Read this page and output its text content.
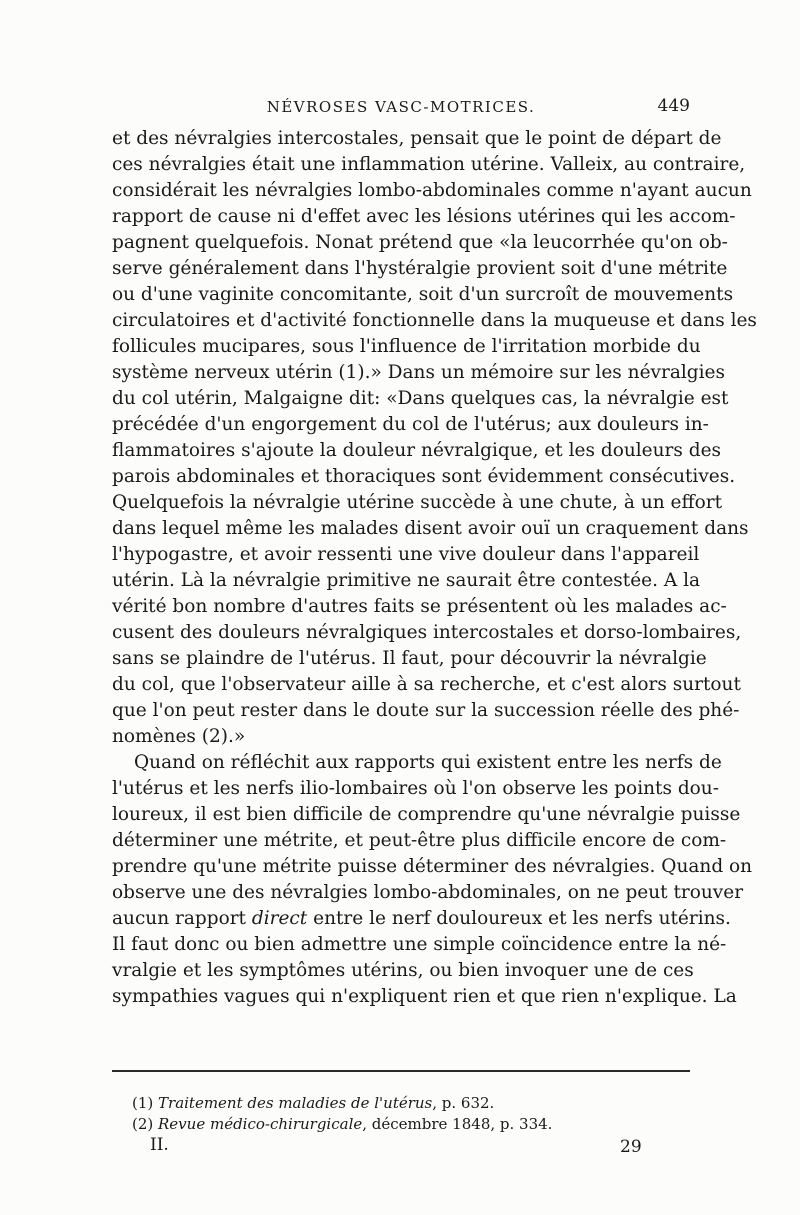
NÉVROSES VASC-MOTRICES.	449
et des névralgies intercostales, pensait que le point de départ de
ces névralgies était une inflammation utérine. Valleix, au contraire,
considérait les névralgies lombo-abdominales comme n'ayant aucun
rapport de cause ni d'effet avec les lésions utérines qui les accom-
pagnent quelquefois. Nonat prétend que «la leucorrhée qu'on ob-
serve généralement dans l'hystéralgie provient soit d'une métrite
ou d'une vaginite concomitante, soit d'un surcroît de mouvements
circulatoires et d'activité fonctionnelle dans la muqueuse et dans les
follicules mucipares, sous l'influence de l'irritation morbide du
système nerveux utérin (1).» Dans un mémoire sur les névralgies
du col utérin, Malgaigne dit: «Dans quelques cas, la névralgie est
précédée d'un engorgement du col de l'utérus; aux douleurs in-
flammatoires s'ajoute la douleur névralgique, et les douleurs des
parois abdominales et thoraciques sont évidemment consécutives.
Quelquefois la névralgie utérine succède à une chute, à un effort
dans lequel même les malades disent avoir ouï un craquement dans
l'hypogastre, et avoir ressenti une vive douleur dans l'appareil
utérin. Là la névralgie primitive ne saurait être contestée. A la
vérité bon nombre d'autres faits se présentent où les malades ac-
cusent des douleurs névralgiques intercostales et dorso-lombaires,
sans se plaindre de l'utérus. Il faut, pour découvrir la névralgie
du col, que l'observateur aille à sa recherche, et c'est alors surtout
que l'on peut rester dans le doute sur la succession réelle des phé-
nomènes (2).»
Quand on réfléchit aux rapports qui existent entre les nerfs de
l'utérus et les nerfs ilio-lombaires où l'on observe les points dou-
loureux, il est bien difficile de comprendre qu'une névralgie puisse
déterminer une métrite, et peut-être plus difficile encore de com-
prendre qu'une métrite puisse déterminer des névralgies. Quand on
observe une des névralgies lombo-abdominales, on ne peut trouver
aucun rapport direct entre le nerf douloureux et les nerfs utérins.
Il faut donc ou bien admettre une simple coïncidence entre la né-
vralgie et les symptômes utérins, ou bien invoquer une de ces
sympathies vagues qui n'expliquent rien et que rien n'explique. La
(1) Traitement des maladies de l'utérus, p. 632.
(2) Revue médico-chirurgicale, décembre 1848, p. 334.
II.	29
